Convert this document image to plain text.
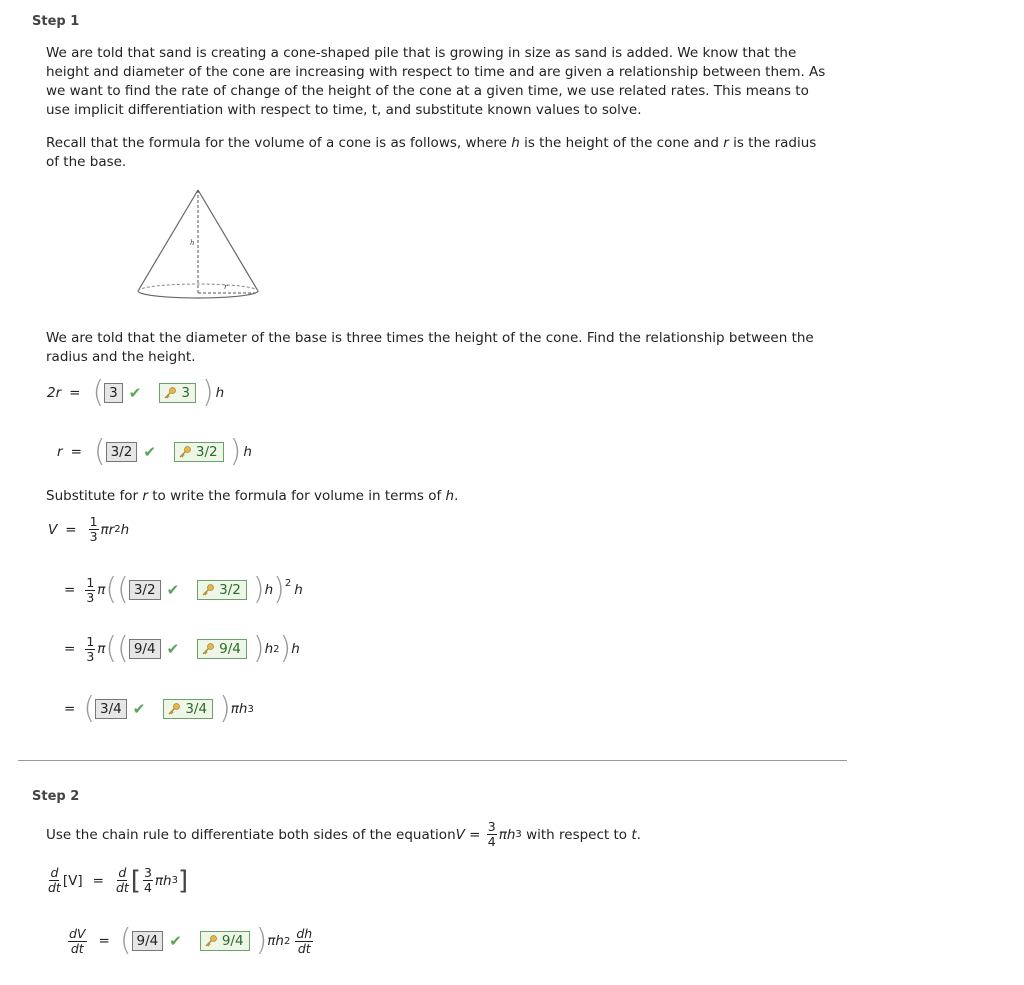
Step 1
We are told that sand is creating a cone-shaped pile that is growing in size as sand is added. We know that the height and diameter of the cone are increasing with respect to time and are given a relationship between them. As we want to find the rate of change of the height of the cone at a given time, we use related rates. This means to use implicit differentiation with respect to time, t, and substitute known values to solve.
Recall that the formula for the volume of a cone is as follows, where h is the height of the cone and r is the radius of the base.
h
r
We are told that the diameter of the base is three times the height of the cone. Find the relationship between the radius and the height.
2r = ( 3 ✔	3 ) h
r = ( 3/2 ✔	3/2 ) h
Substitute for r to write the formula for volume in terms of h.
$V = \frac{1}{3}$ πr 2 h
= $\frac{1}{3}$ π (( 3/2 ✔	3/2 ) h ) 2 h
= $\frac{1}{3}$ π (( 9/4 ✔	9/4 ) h 2 ) h
= ( 3/4 ✔	3/4 ) πh 3
Step 2
Use the chain rule to differentiate both sides of the equation $V = \frac{3}{4}$ πh 3 with respect to t .
$\frac{d}{dt} [V] = \frac{d}{dt}$ [ $\frac{3}{4}$ πh 3 ]
$\frac{dV}{dt}$ = ( 9/4 ✔	9/4 ) πh $2 \frac{dh}{dt}$
